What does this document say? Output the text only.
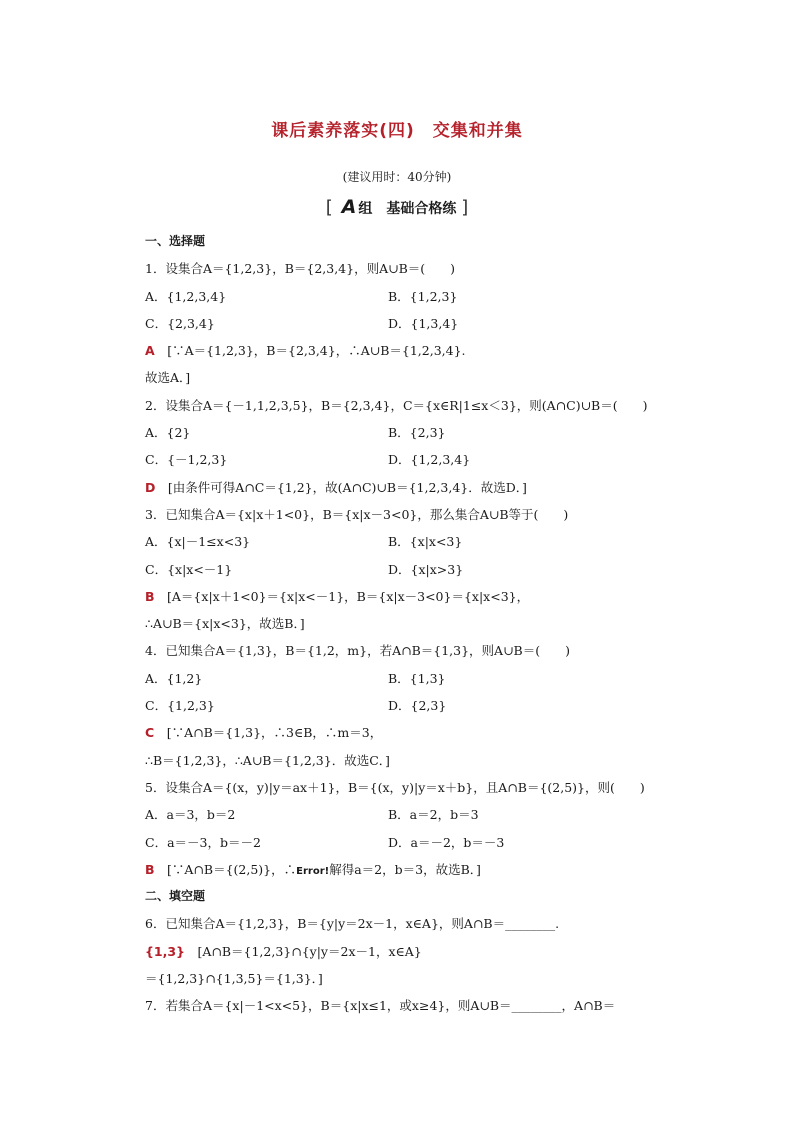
课后素养落实(四)　交集和并集
(建议用时：40分钟)
[ A 组　基础合格练 ]
一、选择题
1．设集合A＝{1,2,3}，B＝{2,3,4}，则A∪B＝(　　)
A．{1,2,3,4}	B．{1,2,3}
C．{2,3,4}	D．{1,3,4}
A　[∵A＝{1,2,3}，B＝{2,3,4}，∴A∪B＝{1,2,3,4}.
故选A．]
2．设集合A＝{－1,1,2,3,5}，B＝{2,3,4}，C＝{x∈R|1≤x＜3}，则(A∩C)∪B＝(　　)
A．{2}	B．{2,3}
C．{－1,2,3}	D．{1,2,3,4}
D　[由条件可得A∩C＝{1,2}，故(A∩C)∪B＝{1,2,3,4}．故选D．]
3．已知集合A＝{x|x＋1<0}，B＝{x|x－3<0}，那么集合A∪B等于(　　)
A．{x|－1≤x<3}	B．{x|x<3}
C．{x|x<－1}	D．{x|x>3}
B　[A＝{x|x＋1<0}＝{x|x<－1}，B＝{x|x－3<0}＝{x|x<3}，
∴A∪B＝{x|x<3}，故选B．]
4．已知集合A＝{1,3}，B＝{1,2，m}，若A∩B＝{1,3}，则A∪B＝(　　)
A．{1,2}	B．{1,3}
C．{1,2,3}	D．{2,3}
C　[∵A∩B＝{1,3}，∴3∈B，∴m＝3，
∴B＝{1,2,3}，∴A∪B＝{1,2,3}．故选C．]
5．设集合A＝{(x，y)|y＝ax＋1}，B＝{(x，y)|y＝x＋b}，且A∩B＝{(2,5)}，则(　　)
A．a＝3，b＝2	B．a＝2，b＝3
C．a＝－3，b＝－2	D．a＝－2，b＝－3
B　[∵A∩B＝{(2,5)}，∴Error!解得a＝2，b＝3，故选B．]
二、填空题
6．已知集合A＝{1,2,3}，B＝{y|y＝2x－1，x∈A}，则A∩B＝________.
{1,3}　[A∩B＝{1,2,3}∩{y|y＝2x－1，x∈A}
＝{1,2,3}∩{1,3,5}＝{1,3}．]
7．若集合A＝{x|－1<x<5}，B＝{x|x≤1，或x≥4}，则A∪B＝________，A∩B＝
